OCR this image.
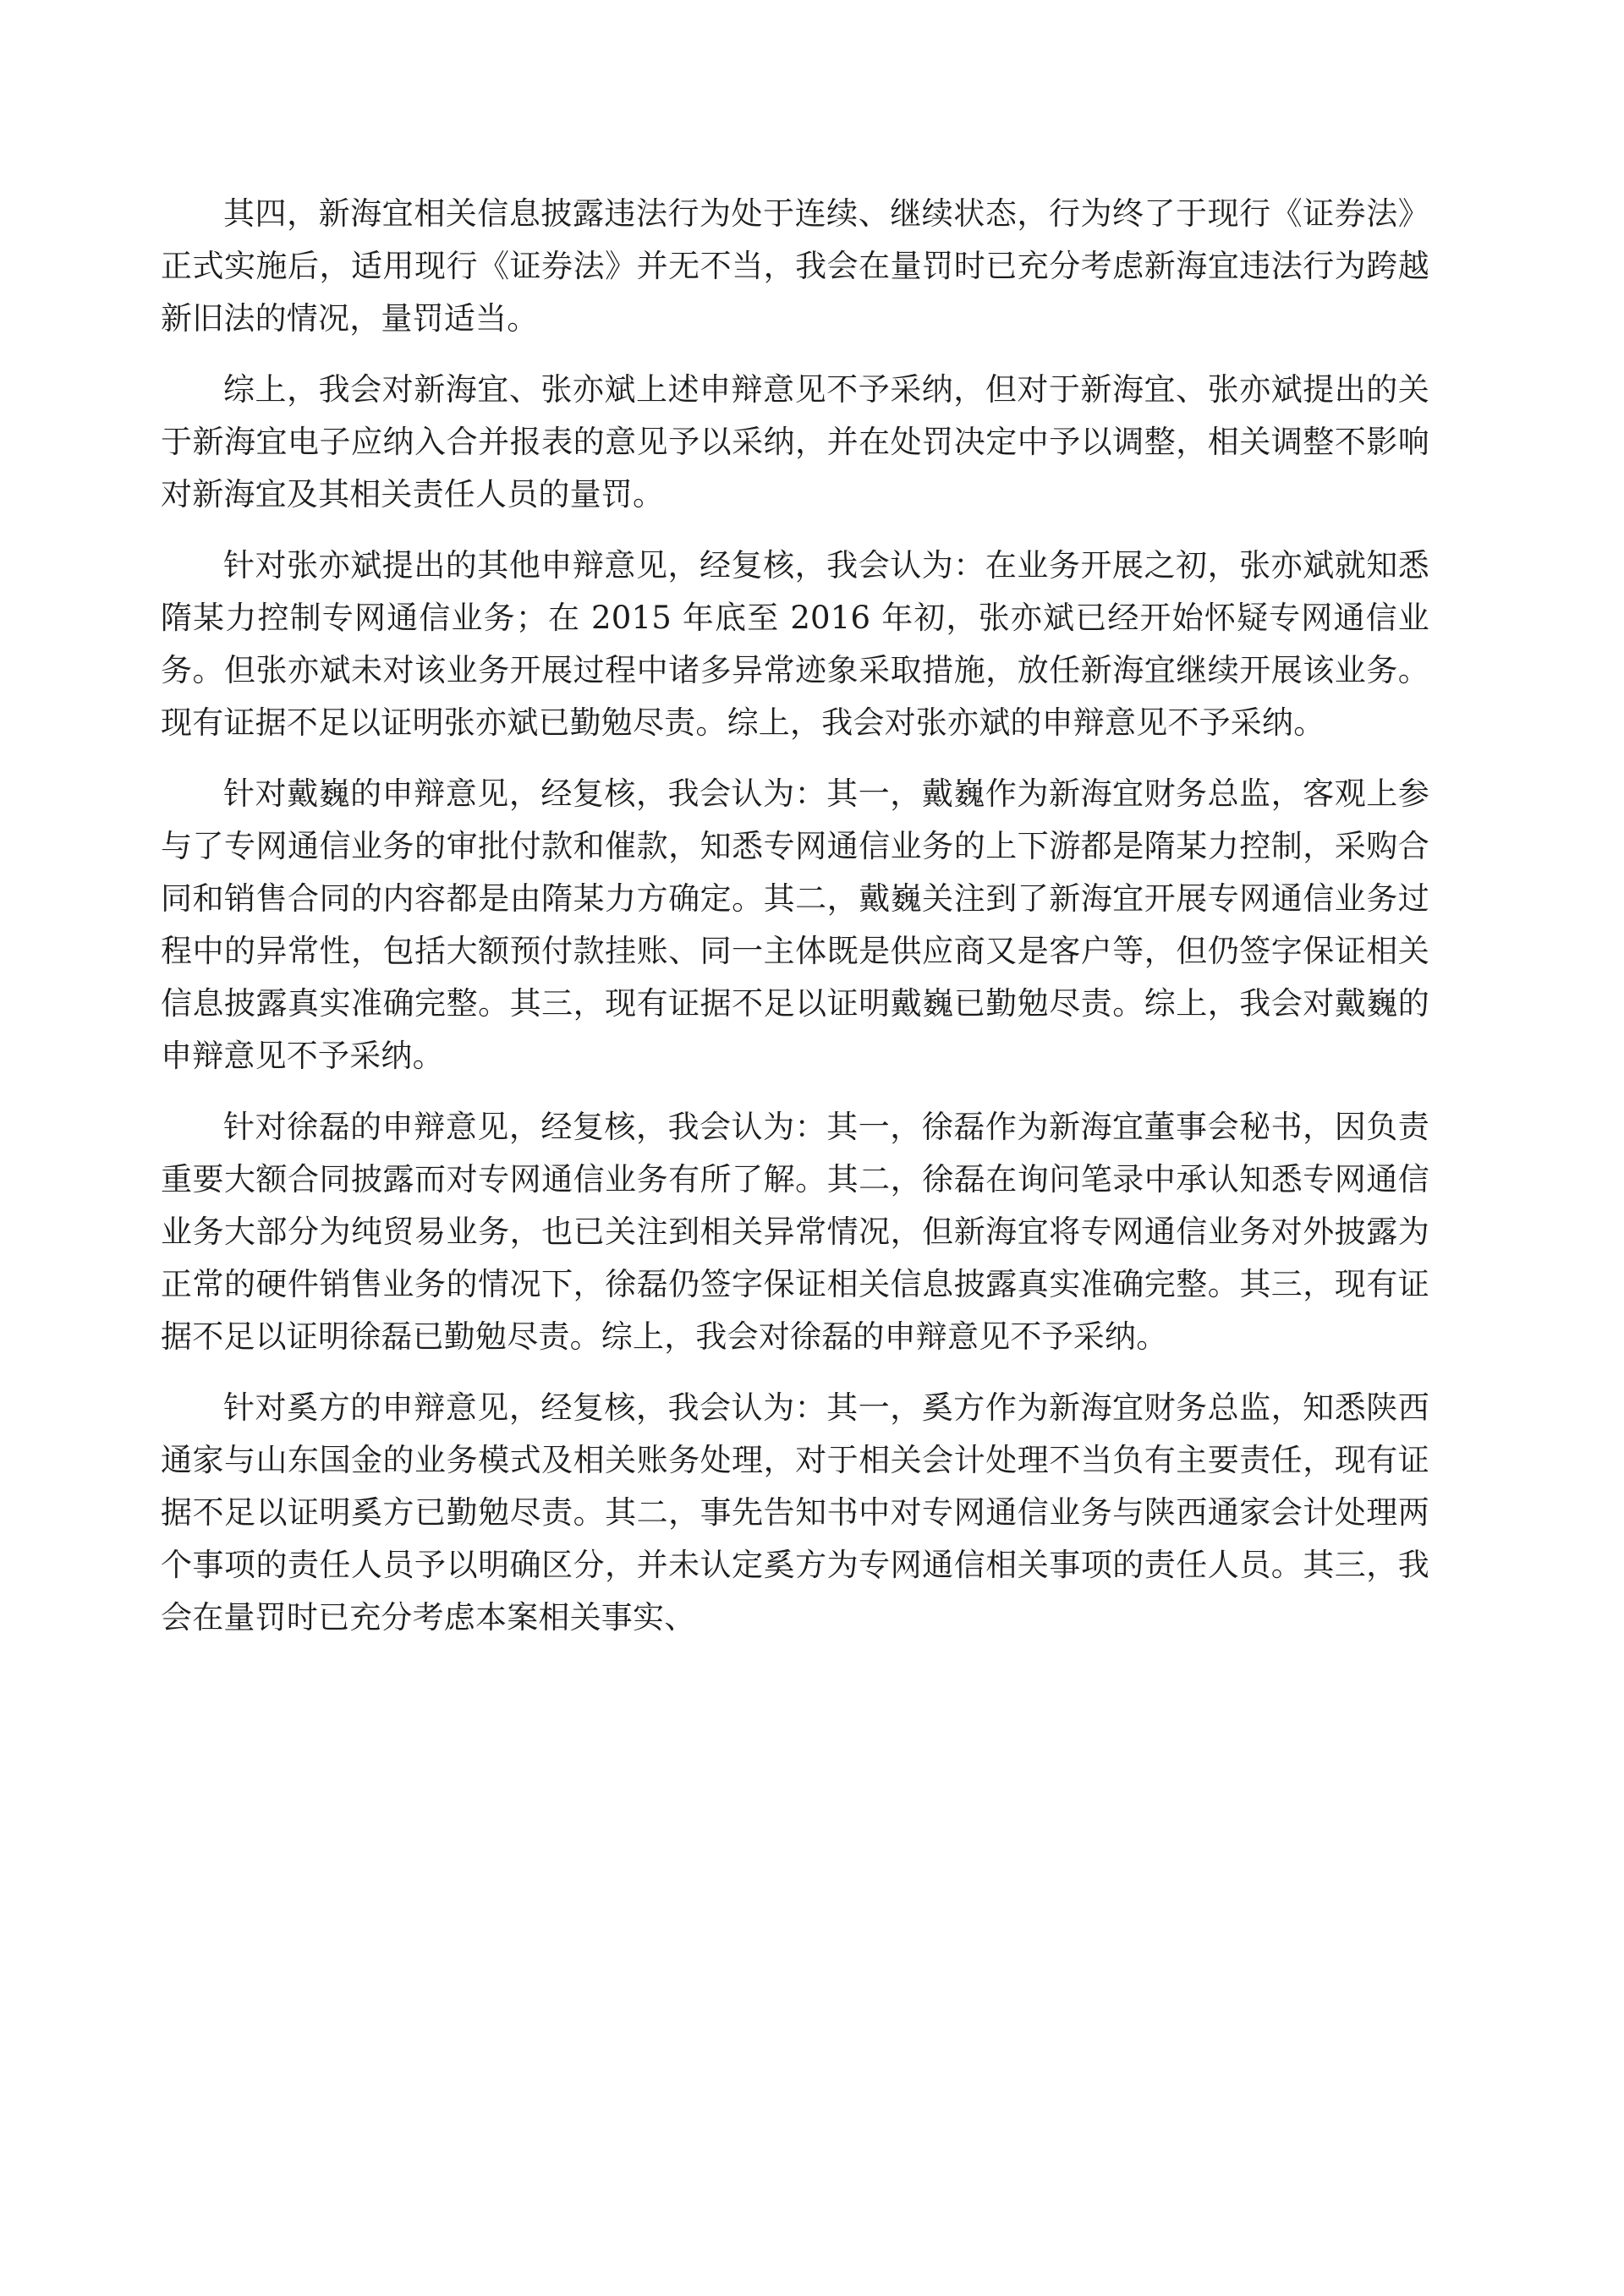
其四，新海宜相关信息披露违法行为处于连续、继续状态，行为终了于现行《证券法》正式实施后，适用现行《证券法》并无不当，我会在量罚时已充分考虑新海宜违法行为跨越新旧法的情况，量罚适当。

综上，我会对新海宜、张亦斌上述申辩意见不予采纳，但对于新海宜、张亦斌提出的关于新海宜电子应纳入合并报表的意见予以采纳，并在处罚决定中予以调整，相关调整不影响对新海宜及其相关责任人员的量罚。

针对张亦斌提出的其他申辩意见，经复核，我会认为：在业务开展之初，张亦斌就知悉隋某力控制专网通信业务；在 2015 年底至 2016 年初，张亦斌已经开始怀疑专网通信业务。但张亦斌未对该业务开展过程中诸多异常迹象采取措施，放任新海宜继续开展该业务。现有证据不足以证明张亦斌已勤勉尽责。综上，我会对张亦斌的申辩意见不予采纳。

针对戴巍的申辩意见，经复核，我会认为：其一，戴巍作为新海宜财务总监，客观上参与了专网通信业务的审批付款和催款，知悉专网通信业务的上下游都是隋某力控制，采购合同和销售合同的内容都是由隋某力方确定。其二，戴巍关注到了新海宜开展专网通信业务过程中的异常性，包括大额预付款挂账、同一主体既是供应商又是客户等，但仍签字保证相关信息披露真实准确完整。其三，现有证据不足以证明戴巍已勤勉尽责。综上，我会对戴巍的申辩意见不予采纳。

针对徐磊的申辩意见，经复核，我会认为：其一，徐磊作为新海宜董事会秘书，因负责重要大额合同披露而对专网通信业务有所了解。其二，徐磊在询问笔录中承认知悉专网通信业务大部分为纯贸易业务，也已关注到相关异常情况，但新海宜将专网通信业务对外披露为正常的硬件销售业务的情况下，徐磊仍签字保证相关信息披露真实准确完整。其三，现有证据不足以证明徐磊已勤勉尽责。综上，我会对徐磊的申辩意见不予采纳。

针对奚方的申辩意见，经复核，我会认为：其一，奚方作为新海宜财务总监，知悉陕西通家与山东国金的业务模式及相关账务处理，对于相关会计处理不当负有主要责任，现有证据不足以证明奚方已勤勉尽责。其二，事先告知书中对专网通信业务与陕西通家会计处理两个事项的责任人员予以明确区分，并未认定奚方为专网通信相关事项的责任人员。其三，我会在量罚时已充分考虑本案相关事实、
